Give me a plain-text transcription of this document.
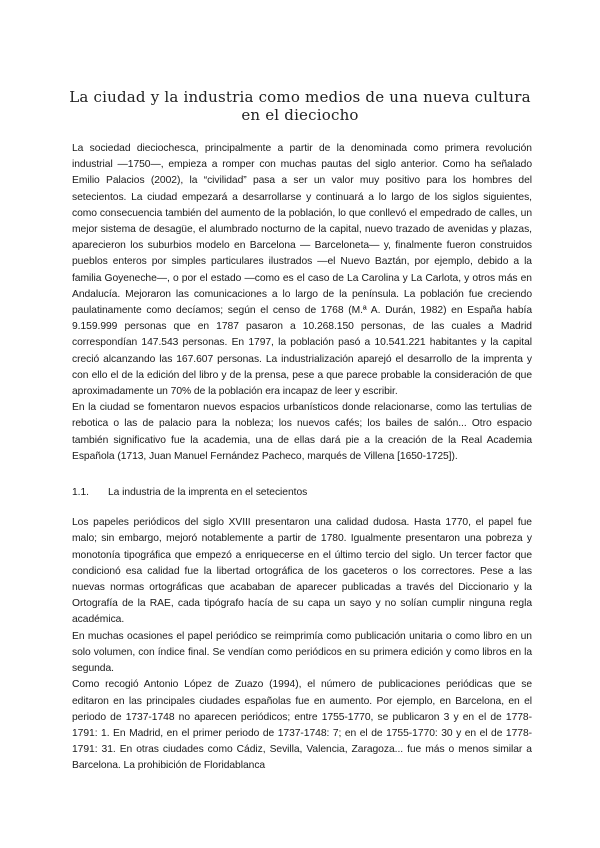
La ciudad y la industria como medios de una nueva cultura en el dieciocho

La sociedad dieciochesca, principalmente a partir de la denominada como primera revolución industrial —1750—, empieza a romper con muchas pautas del siglo anterior. Como ha señalado Emilio Palacios (2002), la “civilidad” pasa a ser un valor muy positivo para los hombres del setecientos. La ciudad empezará a desarrollarse y continuará a lo largo de los siglos siguientes, como consecuencia también del aumento de la población, lo que conllevó el empedrado de calles, un mejor sistema de desagüe, el alumbrado nocturno de la capital, nuevo trazado de avenidas y plazas, aparecieron los suburbios modelo en Barcelona — Barceloneta— y, finalmente fueron construidos pueblos enteros por simples particulares ilustrados —el Nuevo Baztán, por ejemplo, debido a la familia Goyeneche—, o por el estado —como es el caso de La Carolina y La Carlota, y otros más en Andalucía. Mejoraron las comunicaciones a lo largo de la península. La población fue creciendo paulatinamente como decíamos; según el censo de 1768 (M.ª A. Durán, 1982) en España había 9.159.999 personas que en 1787 pasaron a 10.268.150 personas, de las cuales a Madrid correspondían 147.543 personas. En 1797, la población pasó a 10.541.221 habitantes y la capital creció alcanzando las 167.607 personas. La industrialización aparejó el desarrollo de la imprenta y con ello el de la edición del libro y de la prensa, pese a que parece probable la consideración de que aproximadamente un 70% de la población era incapaz de leer y escribir.

En la ciudad se fomentaron nuevos espacios urbanísticos donde relacionarse, como las tertulias de rebotica o las de palacio para la nobleza; los nuevos cafés; los bailes de salón... Otro espacio también significativo fue la academia, una de ellas dará pie a la creación de la Real Academia Española (1713, Juan Manuel Fernández Pacheco, marqués de Villena [1650-1725]).

1.1. La industria de la imprenta en el setecientos

Los papeles periódicos del siglo XVIII presentaron una calidad dudosa. Hasta 1770, el papel fue malo; sin embargo, mejoró notablemente a partir de 1780. Igualmente presentaron una pobreza y monotonía tipográfica que empezó a enriquecerse en el último tercio del siglo. Un tercer factor que condicionó esa calidad fue la libertad ortográfica de los gaceteros o los correctores. Pese a las nuevas normas ortográficas que acababan de aparecer publicadas a través del Diccionario y la Ortografía de la RAE, cada tipógrafo hacía de su capa un sayo y no solían cumplir ninguna regla académica.

En muchas ocasiones el papel periódico se reimprimía como publicación unitaria o como libro en un solo volumen, con índice final. Se vendían como periódicos en su primera edición y como libros en la segunda.

Como recogió Antonio López de Zuazo (1994), el número de publicaciones periódicas que se editaron en las principales ciudades españolas fue en aumento. Por ejemplo, en Barcelona, en el periodo de 1737-1748 no aparecen periódicos; entre 1755-1770, se publicaron 3 y en el de 1778-1791: 1. En Madrid, en el primer periodo de 1737-1748: 7; en el de 1755-1770: 30 y en el de 1778-1791: 31. En otras ciudades como Cádiz, Sevilla, Valencia, Zaragoza... fue más o menos similar a Barcelona. La prohibición de Floridablanca
